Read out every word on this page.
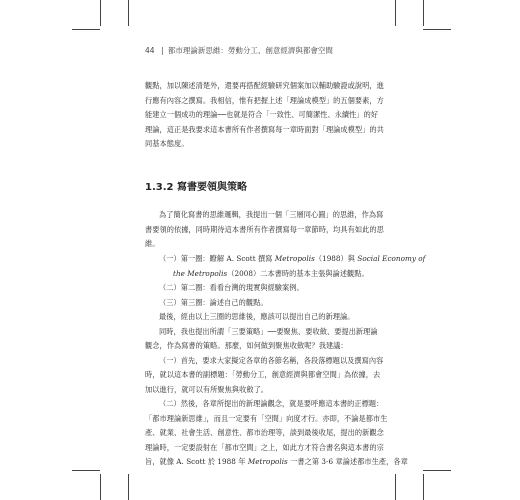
44 | 都市理論新思維：勞動分工、創意經濟與都會空間
觀點，加以陳述清楚外，還要再搭配經驗研究個案加以輔助驗證或說明，進
行應有內容之撰寫。我相信，惟有把握上述「理論成模型」的五個要素，方
能建立一個成功的理論──也就是符合「一致性、可簡潔性、永續性」的好
理論，這正是我要求這本書所有作者撰寫每一章時面對「理論成模型」的共
同基本態度。
1.3.2 寫書要領與策略
為了簡化寫書的思維邏輯，我提出一個「三層同心圓」的思維，作為寫
書要領的依據，同時期待這本書所有作者撰寫每一章節時，均具有如此的思
維。
（一）第一圈：瞭解 A. Scott 撰寫 Metropolis（1988）與 Social Economy of
the Metropolis（2008）二本書時的基本主張與論述觀點。
（二）第二圈：看看台灣的現實與經驗案例。
（三）第三圈：論述自己的觀點。
最後，經由以上三圈的思維後，應該可以提出自己的新理論。
同時，我也提出所謂「三要策略」──要聚焦、要收斂、要提出新理論
觀念，作為寫書的策略。那麼，如何做到聚焦收斂呢？我建議：
（一）首先，要求大家擬定各章的各節名稱，各段落標題以及撰寫內容
時，就以這本書的副標題：「勞動分工，創意經濟與都會空間」為依據，去
加以進行，就可以有所聚焦與收斂了。
（二）然後，各章所提出的新理論觀念，就是要呼應這本書的正標題：
「都市理論新思維」，而且一定要有「空間」向度才行。亦即，不論是都市生
產、就業、社會生活、創意性、都市治理等，談到最後收尾，提出的新觀念
理論時，一定要設射在「都市空間」之上，如此方才符合書名與這本書的宗
旨，就像 A. Scott 於 1988 年 Metropolis 一書之第 3-6 章論述都市生產，各章
